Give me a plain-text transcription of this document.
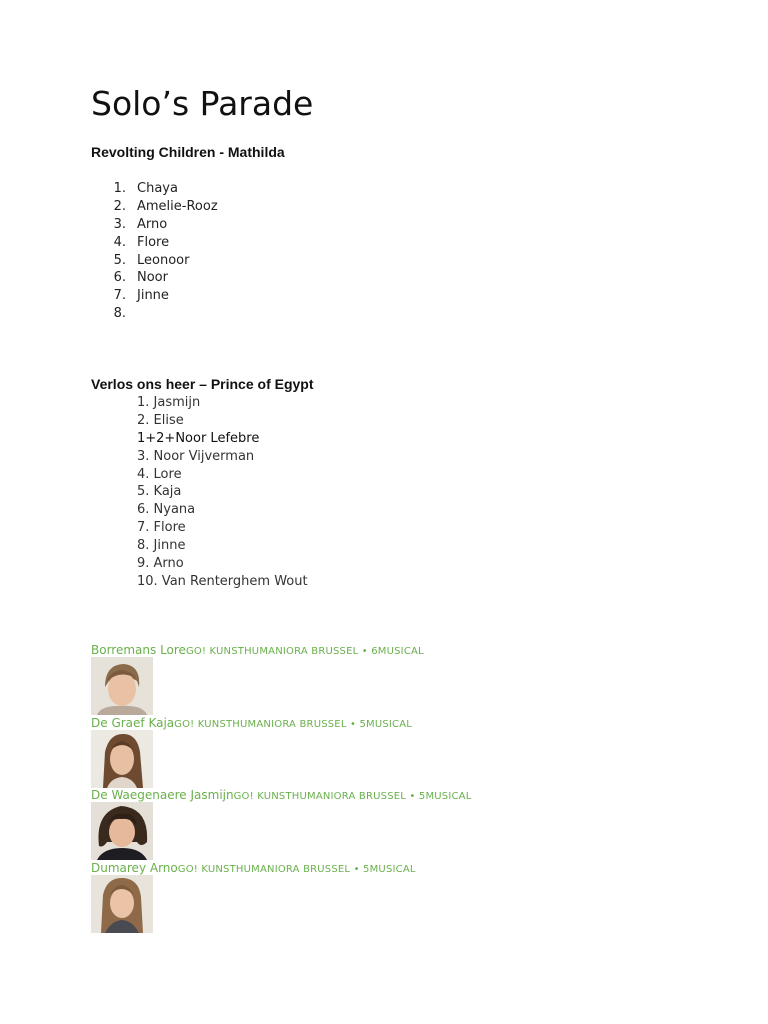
Solo’s Parade
Revolting Children - Mathilda
1. Chaya
2. Amelie-Rooz
3. Arno
4. Flore
5. Leonoor
6. Noor
7. Jinne
8.
Verlos ons heer – Prince of Egypt
1. Jasmijn
2. Elise
1+2+Noor Lefebre
3. Noor Vijverman
4. Lore
5. Kaja
6. Nyana
7. Flore
8. Jinne
9. Arno
10. Van Renterghem Wout
Borremans LoreGO! KUNSTHUMANIORA BRUSSEL • 6MUSICAL
De Graef KajaGO! KUNSTHUMANIORA BRUSSEL • 5MUSICAL
De Waegenaere JasmijnGO! KUNSTHUMANIORA BRUSSEL • 5MUSICAL
Dumarey ArnoGO! KUNSTHUMANIORA BRUSSEL • 5MUSICAL
